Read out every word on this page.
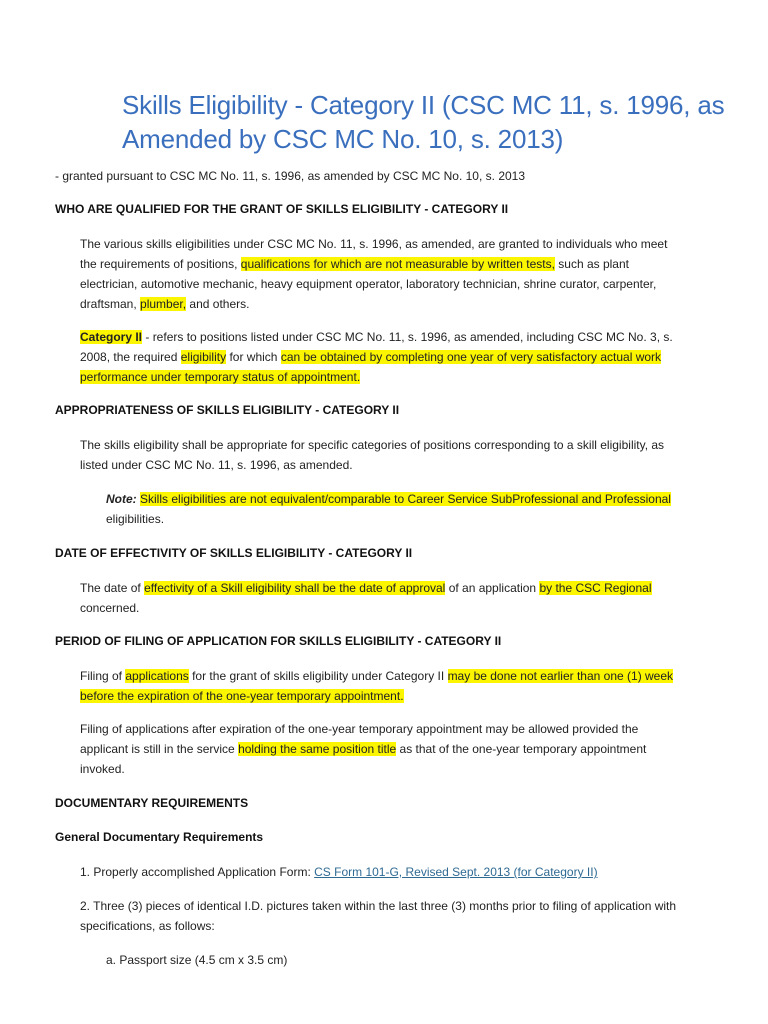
Skills Eligibility - Category II (CSC MC 11, s. 1996, as Amended by CSC MC No. 10, s. 2013)

- granted pursuant to CSC MC No. 11, s. 1996, as amended by CSC MC No. 10, s. 2013

WHO ARE QUALIFIED FOR THE GRANT OF SKILLS ELIGIBILITY - CATEGORY II

The various skills eligibilities under CSC MC No. 11, s. 1996, as amended, are granted to individuals who meet the requirements of positions, qualifications for which are not measurable by written tests, such as plant electrician, automotive mechanic, heavy equipment operator, laboratory technician, shrine curator, carpenter, draftsman, plumber, and others.

Category II - refers to positions listed under CSC MC No. 11, s. 1996, as amended, including CSC MC No. 3, s. 2008, the required eligibility for which can be obtained by completing one year of very satisfactory actual work performance under temporary status of appointment.

APPROPRIATENESS OF SKILLS ELIGIBILITY - CATEGORY II

The skills eligibility shall be appropriate for specific categories of positions corresponding to a skill eligibility, as listed under CSC MC No. 11, s. 1996, as amended.

Note: Skills eligibilities are not equivalent/comparable to Career Service SubProfessional and Professional
eligibilities.

DATE OF EFFECTIVITY OF SKILLS ELIGIBILITY - CATEGORY II

The date of effectivity of a Skill eligibility shall be the date of approval of an application by the CSC Regional
concerned.

PERIOD OF FILING OF APPLICATION FOR SKILLS ELIGIBILITY - CATEGORY II

Filing of applications for the grant of skills eligibility under Category II may be done not earlier than one (1) week before the expiration of the one-year temporary appointment.

Filing of applications after expiration of the one-year temporary appointment may be allowed provided the applicant is still in the service holding the same position title as that of the one-year temporary appointment invoked.

DOCUMENTARY REQUIREMENTS

General Documentary Requirements

1. Properly accomplished Application Form: CS Form 101-G, Revised Sept. 2013 (for Category II)

2. Three (3) pieces of identical I.D. pictures taken within the last three (3) months prior to filing of application with specifications, as follows:

a. Passport size (4.5 cm x 3.5 cm)
